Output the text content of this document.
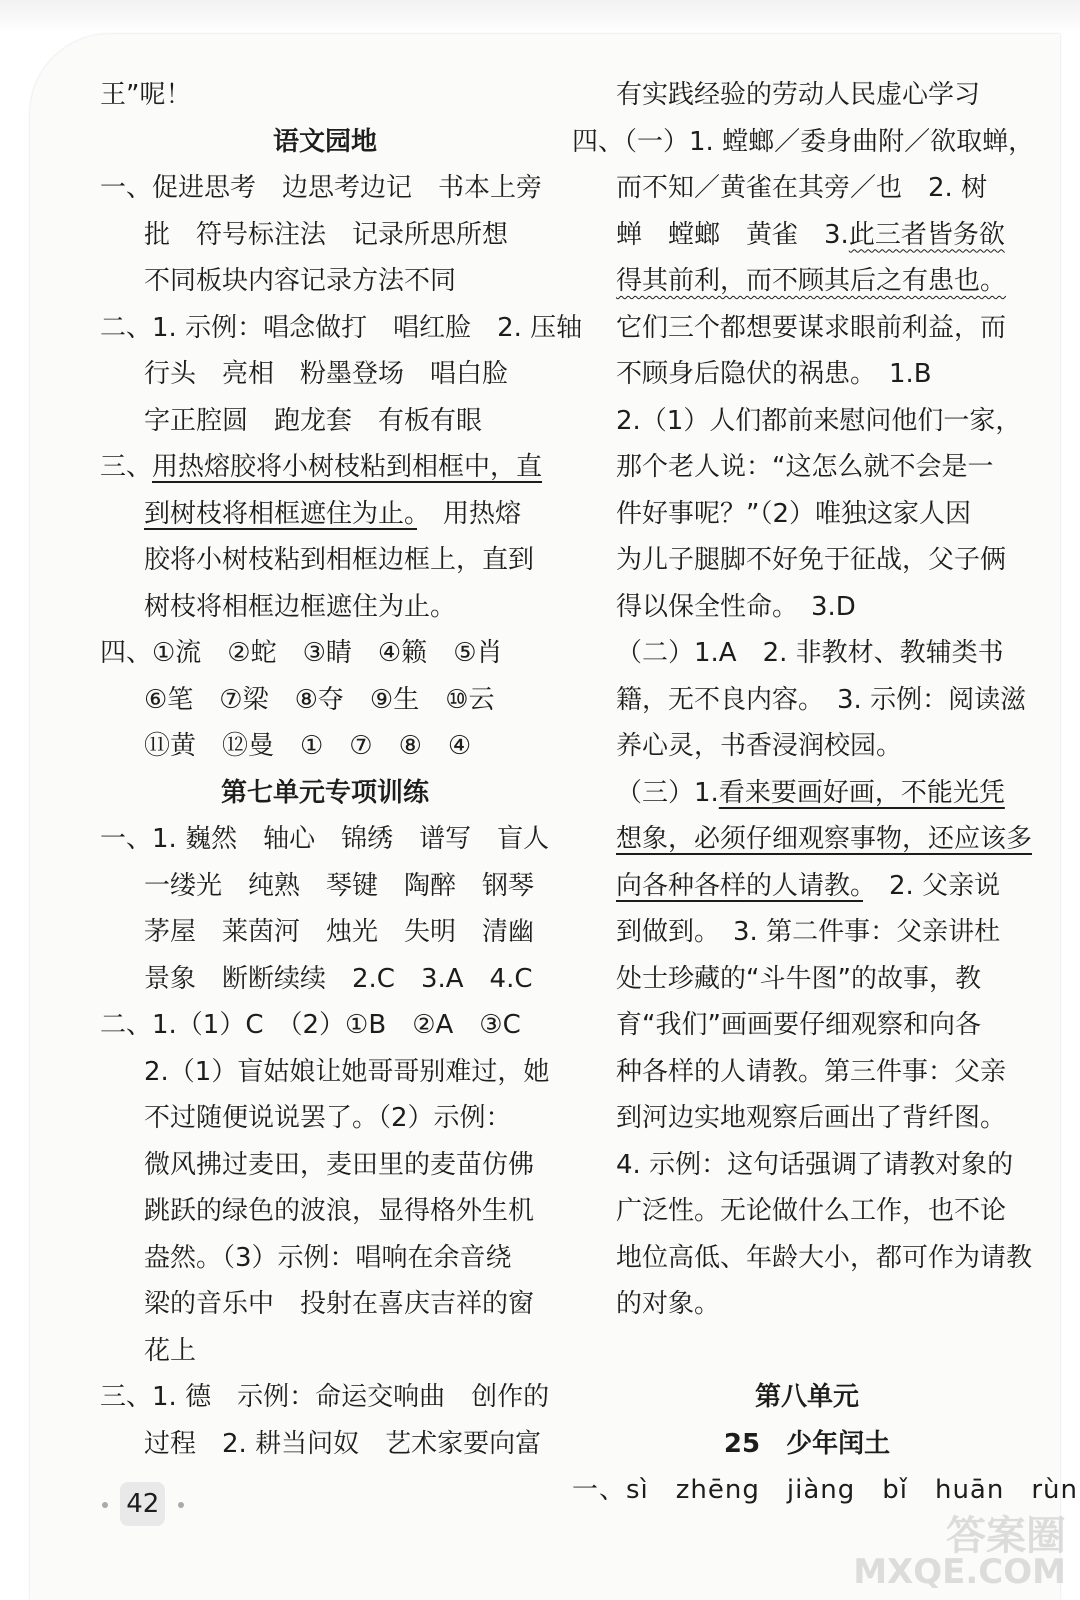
王”呢！
语文园地
一、促进思考　边思考边记　书本上旁
批　符号标注法　记录所思所想
不同板块内容记录方法不同
二、1. 示例：唱念做打　唱红脸　2. 压轴
行头　亮相　粉墨登场　唱白脸
字正腔圆　跑龙套　有板有眼
三、用热熔胶将小树枝粘到相框中，直
到树枝将相框遮住为止。　用热熔
胶将小树枝粘到相框边框上，直到
树枝将相框边框遮住为止。
四、①流　②蛇　③睛　④籁　⑤肖
⑥笔　⑦梁　⑧夺　⑨生　⑩云
⑪黄　⑫曼　①　⑦　⑧　④
第七单元专项训练
一、1. 巍然　轴心　锦绣　谱写　盲人
一缕光　纯熟　琴键　陶醉　钢琴
茅屋　莱茵河　烛光　失明　清幽
景象　断断续续　2.C　3.A　4.C
二、1.（1）C　（2）①B　②A　③C
2.（1）盲姑娘让她哥哥别难过，她
不过随便说说罢了。（2）示例：
微风拂过麦田，麦田里的麦苗仿佛
跳跃的绿色的波浪，显得格外生机
盎然。（3）示例：唱响在余音绕
梁的音乐中　投射在喜庆吉祥的窗
花上
三、1. 德　示例：命运交响曲　创作的
过程　2. 耕当问奴　艺术家要向富
有实践经验的劳动人民虚心学习
四、（一）1. 螳螂／委身曲附／欲取蝉，
而不知／黄雀在其旁／也　2. 树
蝉　螳螂　黄雀　3.此三者皆务欲
得其前利，而不顾其后之有患也。
它们三个都想要谋求眼前利益，而
不顾身后隐伏的祸患。　1.B
2.（1）人们都前来慰问他们一家，
那个老人说：“这怎么就不会是一
件好事呢？”（2）唯独这家人因
为儿子腿脚不好免于征战，父子俩
得以保全性命。　3.D
（二）1.A　2. 非教材、教辅类书
籍，无不良内容。　3. 示例：阅读滋
养心灵，书香浸润校园。
（三）1.看来要画好画，不能光凭
想象，必须仔细观察事物，还应该多
向各种各样的人请教。　2. 父亲说
到做到。　3. 第二件事：父亲讲杜
处士珍藏的“斗牛图”的故事，教
育“我们”画画要仔细观察和向各
种各样的人请教。第三件事：父亲
到河边实地观察后画出了背纤图。
4. 示例：这句话强调了请教对象的
广泛性。无论做什么工作，也不论
地位高低、年龄大小，都可作为请教
的对象。
第八单元
25　少年闰土
一、sì　zhēng　jiàng　bǐ　huān　rùn
42
答案圈
MXQE.COM
